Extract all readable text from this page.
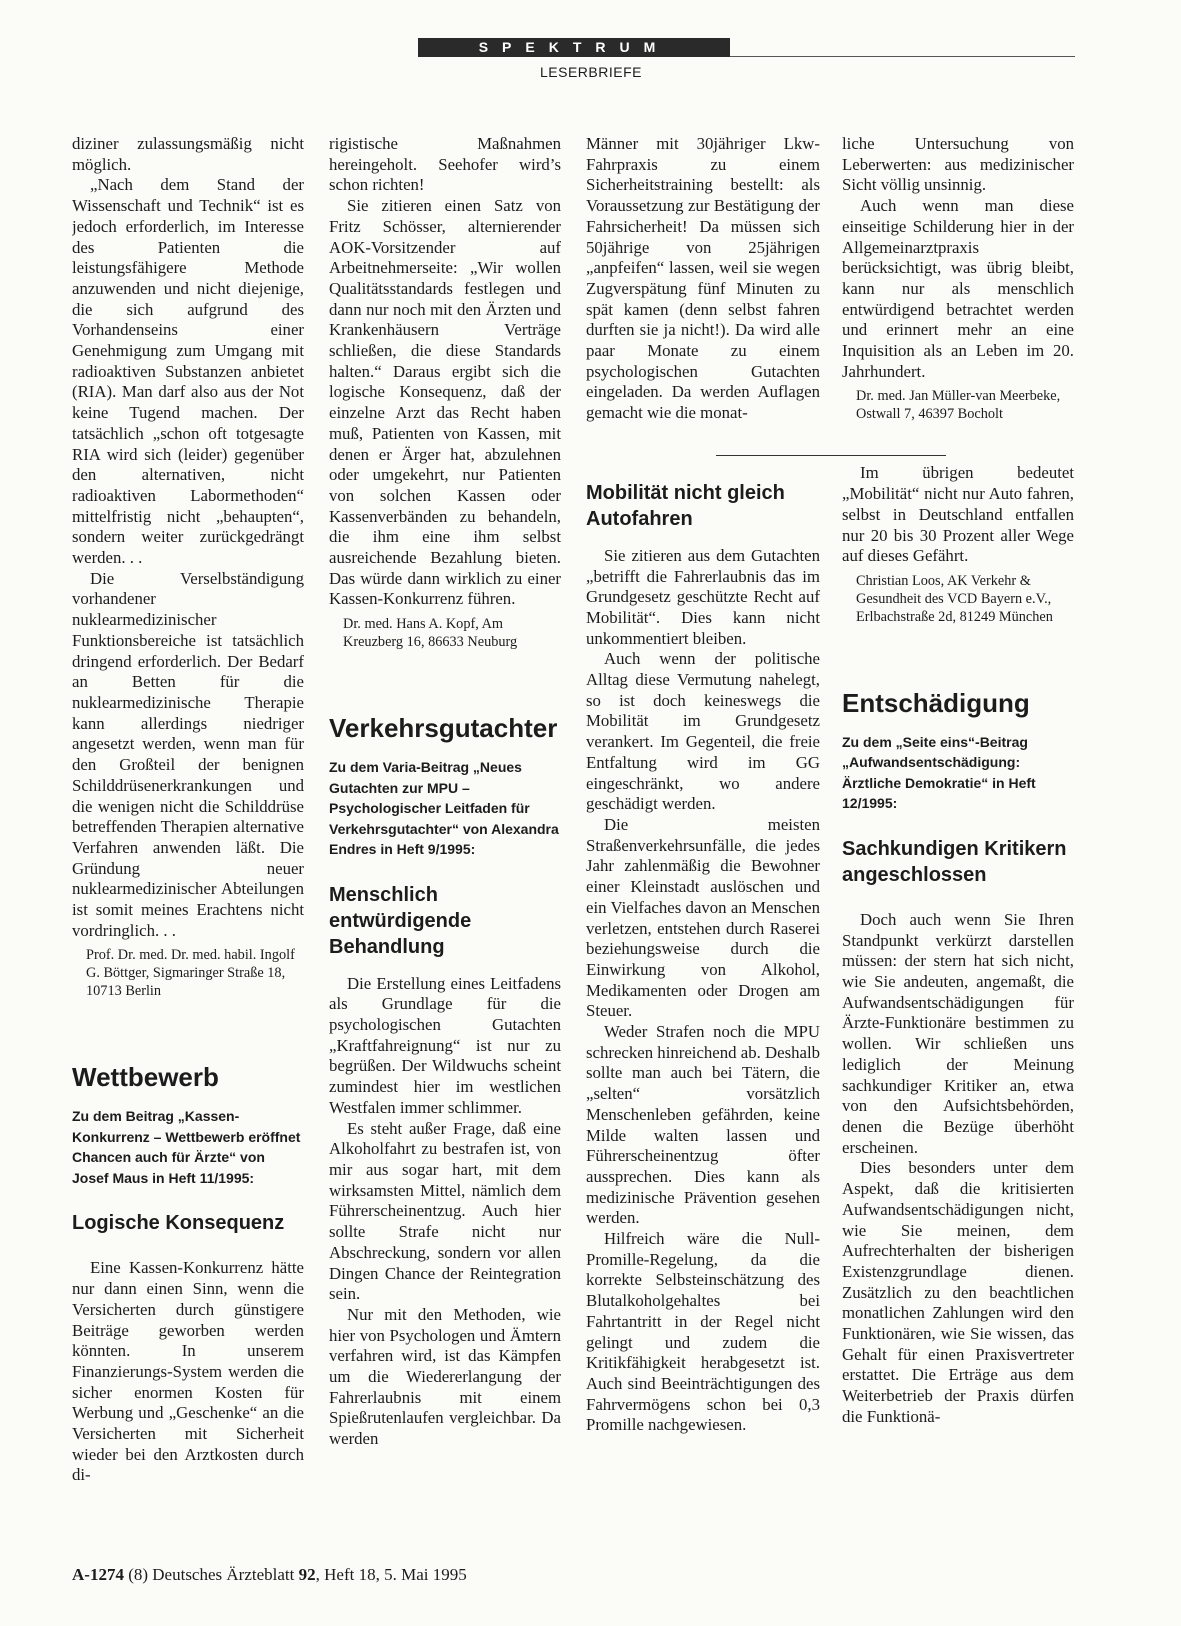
SPEKTRUM
LESERBRIEFE

diziner zulassungsmäßig nicht möglich.

„Nach dem Stand der Wissenschaft und Technik“ ist es jedoch erforderlich, im Interesse des Patienten die leistungsfähigere Methode anzuwenden und nicht diejenige, die sich aufgrund des Vorhandenseins einer Genehmigung zum Umgang mit radioaktiven Substanzen anbietet (RIA). Man darf also aus der Not keine Tugend machen. Der tatsächlich „schon oft totgesagte RIA wird sich (leider) gegenüber den alternativen, nicht radioaktiven Labormethoden“ mittelfristig nicht „behaupten“, sondern weiter zurückgedrängt werden. . .

Die Verselbständigung vorhandener nuklearmedizinischer Funktionsbereiche ist tatsächlich dringend erforderlich. Der Bedarf an Betten für die nuklearmedizinische Therapie kann allerdings niedriger angesetzt werden, wenn man für den Großteil der benignen Schilddrüsenerkrankungen und die wenigen nicht die Schilddrüse betreffenden Therapien alternative Verfahren anwenden läßt. Die Gründung neuer nuklearmedizinischer Abteilungen ist somit meines Erachtens nicht vordringlich. . .

Prof. Dr. med. Dr. med. habil. Ingolf G. Böttger, Sigmaringer Straße 18, 10713 Berlin

Wettbewerb

Zu dem Beitrag „Kassen-Konkurrenz – Wettbewerb eröffnet Chancen auch für Ärzte“ von Josef Maus in Heft 11/1995:

Logische Konsequenz

Eine Kassen-Konkurrenz hätte nur dann einen Sinn, wenn die Versicherten durch günstigere Beiträge geworben werden könnten. In unserem Finanzierungs-System werden die sicher enormen Kosten für Werbung und „Geschenke“ an die Versicherten mit Sicherheit wieder bei den Arztkosten durch di-

rigistische Maßnahmen hereingeholt. Seehofer wird’s schon richten!

Sie zitieren einen Satz von Fritz Schösser, alternierender AOK-Vorsitzender auf Arbeitnehmerseite: „Wir wollen Qualitätsstandards festlegen und dann nur noch mit den Ärzten und Krankenhäusern Verträge schließen, die diese Standards halten.“ Daraus ergibt sich die logische Konsequenz, daß der einzelne Arzt das Recht haben muß, Patienten von Kassen, mit denen er Ärger hat, abzulehnen oder umgekehrt, nur Patienten von solchen Kassen oder Kassenverbänden zu behandeln, die ihm eine ihm selbst ausreichende Bezahlung bieten. Das würde dann wirklich zu einer Kassen-Konkurrenz führen.

Dr. med. Hans A. Kopf, Am Kreuzberg 16, 86633 Neuburg

Verkehrsgutachter

Zu dem Varia-Beitrag „Neues Gutachten zur MPU – Psychologischer Leitfaden für Verkehrsgutachter“ von Alexandra Endres in Heft 9/1995:

Menschlich entwürdigende Behandlung

Die Erstellung eines Leitfadens als Grundlage für die psychologischen Gutachten „Kraftfahreignung“ ist nur zu begrüßen. Der Wildwuchs scheint zumindest hier im westlichen Westfalen immer schlimmer.

Es steht außer Frage, daß eine Alkoholfahrt zu bestrafen ist, von mir aus sogar hart, mit dem wirksamsten Mittel, nämlich dem Führerscheinentzug. Auch hier sollte Strafe nicht nur Abschreckung, sondern vor allen Dingen Chance der Reintegration sein.

Nur mit den Methoden, wie hier von Psychologen und Ämtern verfahren wird, ist das Kämpfen um die Wiedererlangung der Fahrerlaubnis mit einem Spießrutenlaufen vergleichbar. Da werden

Männer mit 30jähriger Lkw-Fahrpraxis zu einem Sicherheitstraining bestellt: als Voraussetzung zur Bestätigung der Fahrsicherheit! Da müssen sich 50jährige von 25jährigen „anpfeifen“ lassen, weil sie wegen Zugverspätung fünf Minuten zu spät kamen (denn selbst fahren durften sie ja nicht!). Da wird alle paar Monate zu einem psychologischen Gutachten eingeladen. Da werden Auflagen gemacht wie die monat-

Mobilität nicht gleich Autofahren

Sie zitieren aus dem Gutachten „betrifft die Fahrerlaubnis das im Grundgesetz geschützte Recht auf Mobilität“. Dies kann nicht unkommentiert bleiben.

Auch wenn der politische Alltag diese Vermutung nahelegt, so ist doch keineswegs die Mobilität im Grundgesetz verankert. Im Gegenteil, die freie Entfaltung wird im GG eingeschränkt, wo andere geschädigt werden.

Die meisten Straßenverkehrsunfälle, die jedes Jahr zahlenmäßig die Bewohner einer Kleinstadt auslöschen und ein Vielfaches davon an Menschen verletzen, entstehen durch Raserei beziehungsweise durch die Einwirkung von Alkohol, Medikamenten oder Drogen am Steuer.

Weder Strafen noch die MPU schrecken hinreichend ab. Deshalb sollte man auch bei Tätern, die „selten“ vorsätzlich Menschenleben gefährden, keine Milde walten lassen und Führerscheinentzug öfter aussprechen. Dies kann als medizinische Prävention gesehen werden.

Hilfreich wäre die Null-Promille-Regelung, da die korrekte Selbsteinschätzung des Blutalkoholgehaltes bei Fahrtantritt in der Regel nicht gelingt und zudem die Kritikfähigkeit herabgesetzt ist. Auch sind Beeinträchtigungen des Fahrvermögens schon bei 0,3 Promille nachgewiesen.

liche Untersuchung von Leberwerten: aus medizinischer Sicht völlig unsinnig.

Auch wenn man diese einseitige Schilderung hier in der Allgemeinarztpraxis berücksichtigt, was übrig bleibt, kann nur als menschlich entwürdigend betrachtet werden und erinnert mehr an eine Inquisition als an Leben im 20. Jahrhundert.

Dr. med. Jan Müller-van Meerbeke, Ostwall 7, 46397 Bocholt

Im übrigen bedeutet „Mobilität“ nicht nur Auto fahren, selbst in Deutschland entfallen nur 20 bis 30 Prozent aller Wege auf dieses Gefährt.

Christian Loos, AK Verkehr & Gesundheit des VCD Bayern e.V., Erlbachstraße 2d, 81249 München

Entschädigung

Zu dem „Seite eins“-Beitrag „Aufwandsentschädigung: Ärztliche Demokratie“ in Heft 12/1995:

Sachkundigen Kritikern angeschlossen

Doch auch wenn Sie Ihren Standpunkt verkürzt darstellen müssen: der stern hat sich nicht, wie Sie andeuten, angemaßt, die Aufwandsentschädigungen für Ärzte-Funktionäre bestimmen zu wollen. Wir schließen uns lediglich der Meinung sachkundiger Kritiker an, etwa von den Aufsichtsbehörden, denen die Bezüge überhöht erscheinen.

Dies besonders unter dem Aspekt, daß die kritisierten Aufwandsentschädigungen nicht, wie Sie meinen, dem Aufrechterhalten der bisherigen Existenzgrundlage dienen. Zusätzlich zu den beachtlichen monatlichen Zahlungen wird den Funktionären, wie Sie wissen, das Gehalt für einen Praxisvertreter erstattet. Die Erträge aus dem Weiterbetrieb der Praxis dürfen die Funktionä-

A-1274 (8) Deutsches Ärzteblatt 92, Heft 18, 5. Mai 1995
